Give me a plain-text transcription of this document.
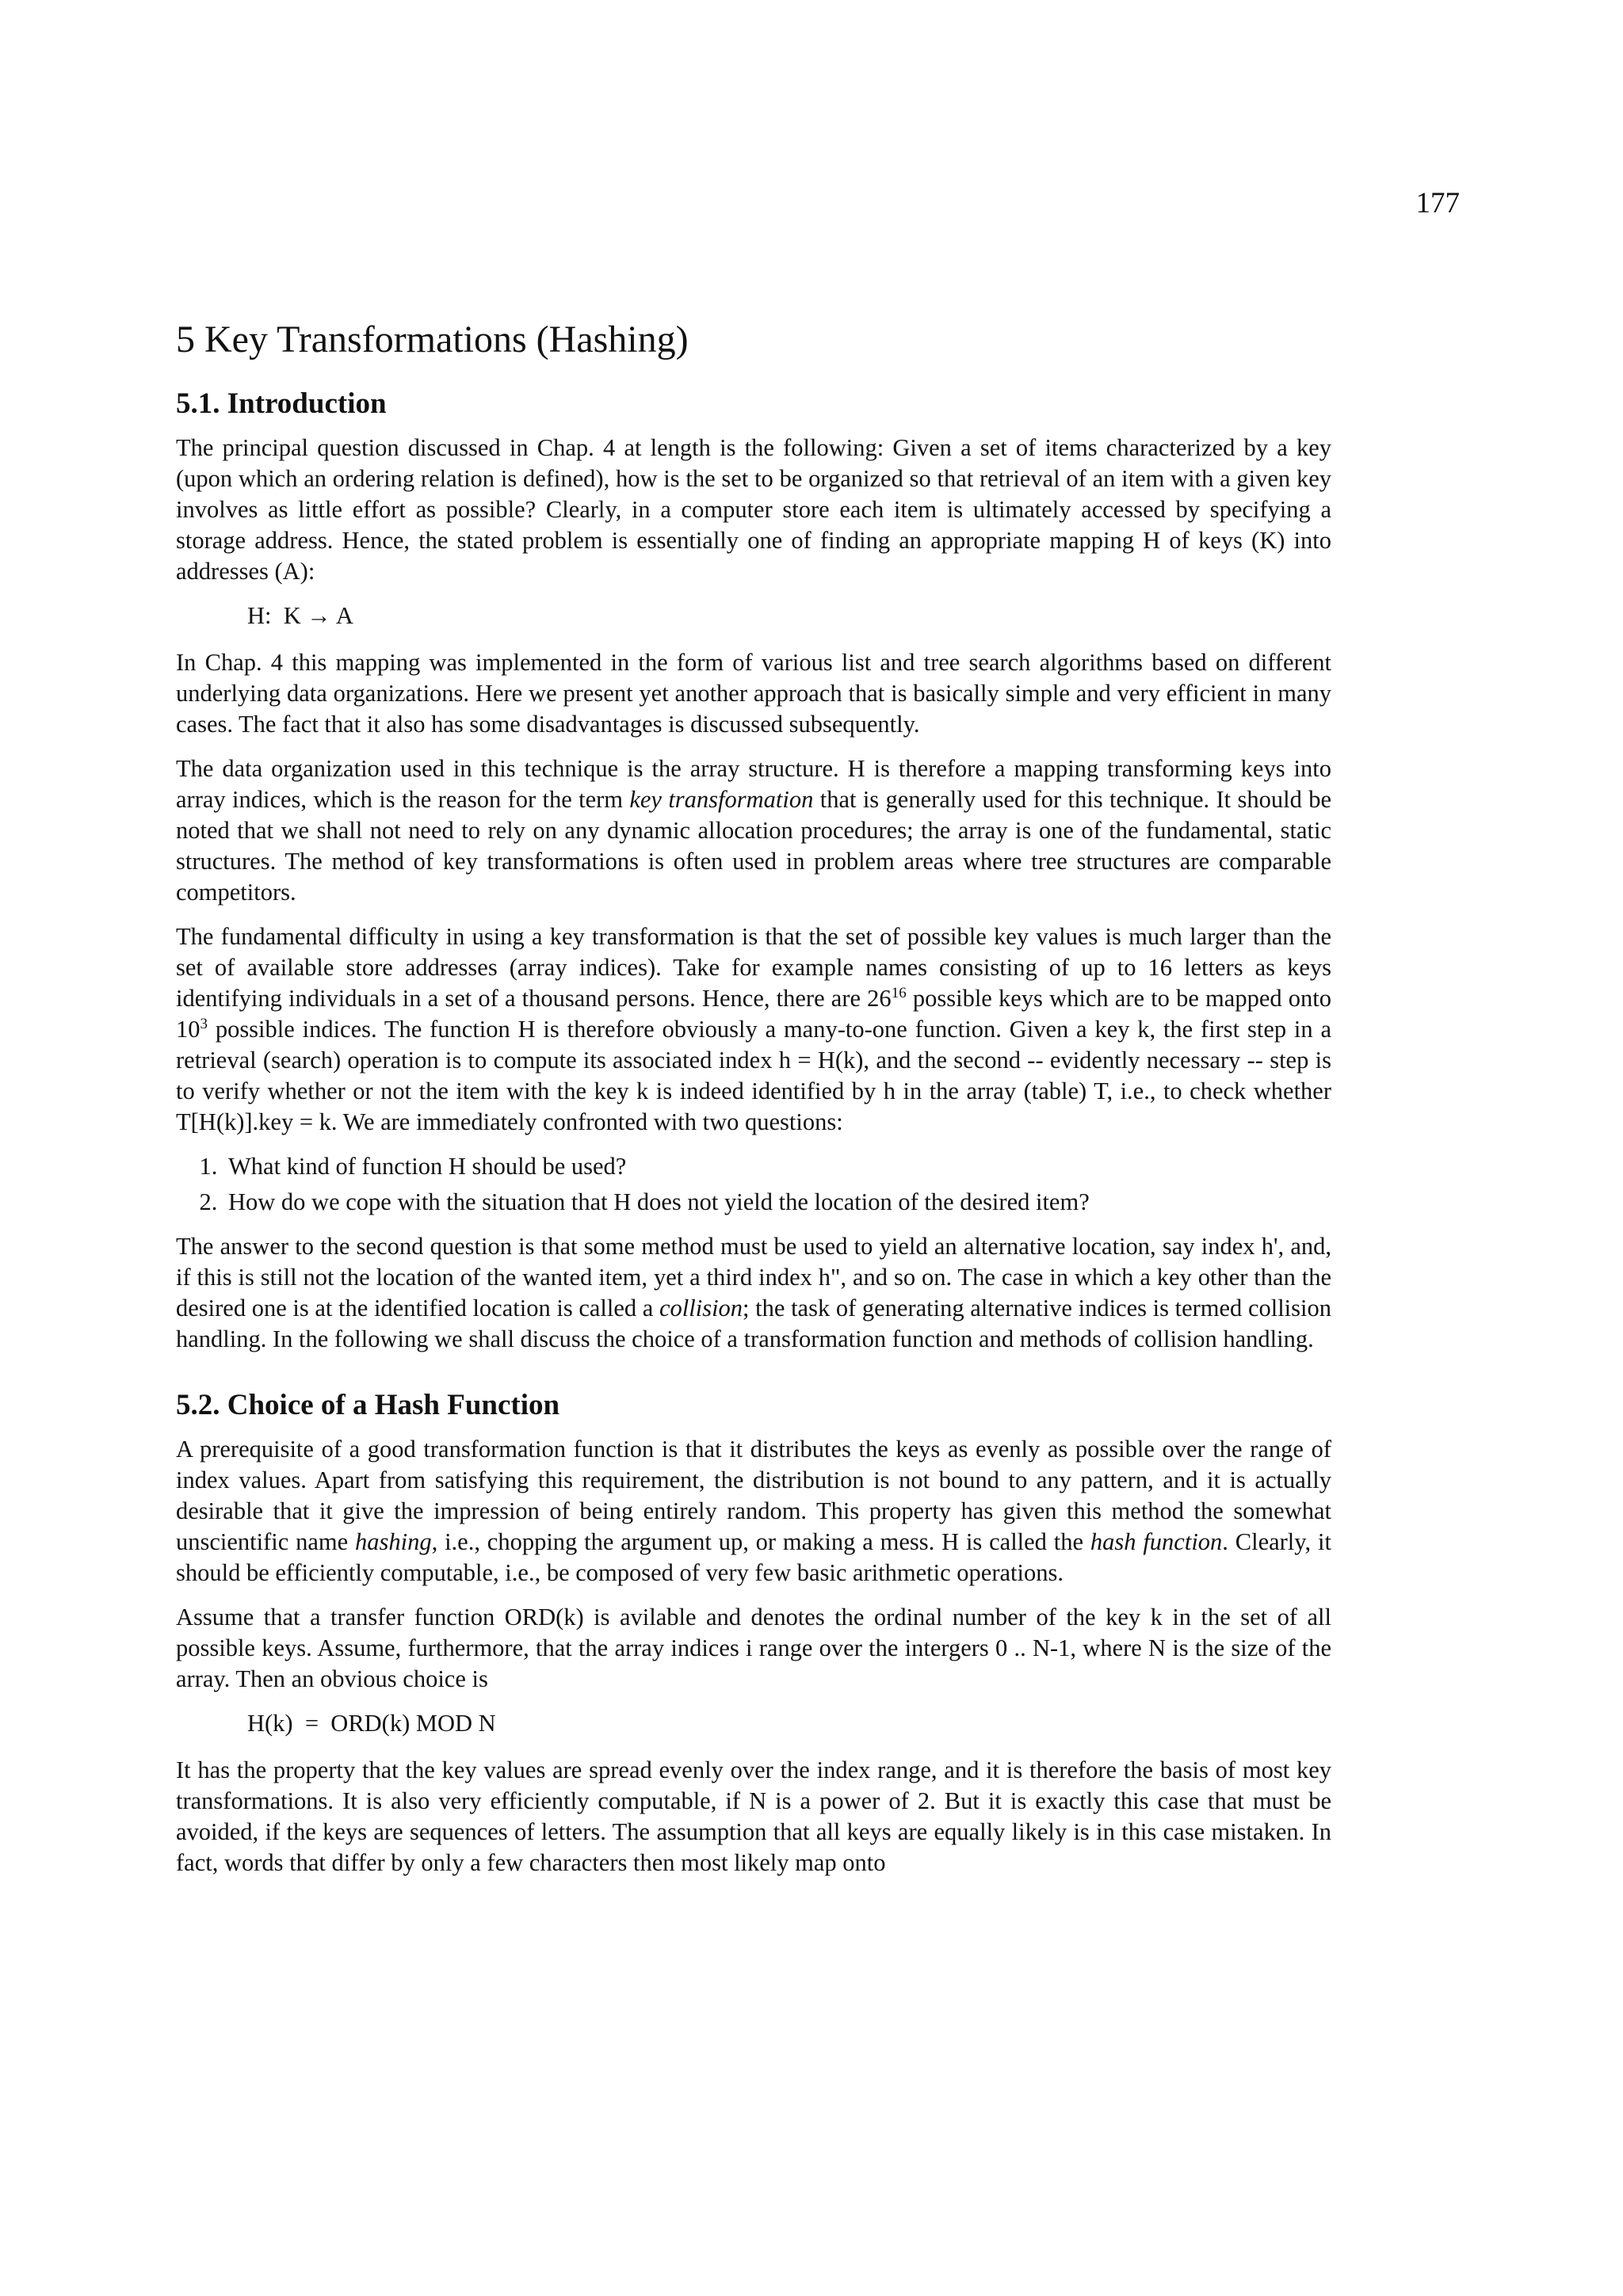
177
5 Key Transformations (Hashing)
5.1. Introduction

The principal question discussed in Chap. 4 at length is the following: Given a set of items characterized by a key (upon which an ordering relation is defined), how is the set to be organized so that retrieval of an item with a given key involves as little effort as possible? Clearly, in a computer store each item is ultimately accessed by specifying a storage address. Hence, the stated problem is essentially one of finding an appropriate mapping H of keys (K) into addresses (A):

H:  K → A

In Chap. 4 this mapping was implemented in the form of various list and tree search algorithms based on different underlying data organizations. Here we present yet another approach that is basically simple and very efficient in many cases. The fact that it also has some disadvantages is discussed subsequently.

The data organization used in this technique is the array structure. H is therefore a mapping transforming keys into array indices, which is the reason for the term key transformation that is generally used for this technique. It should be noted that we shall not need to rely on any dynamic allocation procedures; the array is one of the fundamental, static structures. The method of key transformations is often used in problem areas where tree structures are comparable competitors.

The fundamental difficulty in using a key transformation is that the set of possible key values is much larger than the set of available store addresses (array indices). Take for example names consisting of up to 16 letters as keys identifying individuals in a set of a thousand persons. Hence, there are $26^{16}$ possible keys which are to be mapped onto $10^3$ possible indices. The function H is therefore obviously a many-to-one function. Given a key k, the first step in a retrieval (search) operation is to compute its associated index h = H(k), and the second -- evidently necessary -- step is to verify whether or not the item with the key k is indeed identified by h in the array (table) T, i.e., to check whether T[H(k)].key = k. We are immediately confronted with two questions:

1. What kind of function H should be used?
2. How do we cope with the situation that H does not yield the location of the desired item?

The answer to the second question is that some method must be used to yield an alternative location, say index h', and, if this is still not the location of the wanted item, yet a third index h", and so on. The case in which a key other than the desired one is at the identified location is called a collision; the task of generating alternative indices is termed collision handling. In the following we shall discuss the choice of a transformation function and methods of collision handling.

5.2. Choice of a Hash Function

A prerequisite of a good transformation function is that it distributes the keys as evenly as possible over the range of index values. Apart from satisfying this requirement, the distribution is not bound to any pattern, and it is actually desirable that it give the impression of being entirely random. This property has given this method the somewhat unscientific name hashing, i.e., chopping the argument up, or making a mess. H is called the hash function. Clearly, it should be efficiently computable, i.e., be composed of very few basic arithmetic operations.

Assume that a transfer function ORD(k) is avilable and denotes the ordinal number of the key k in the set of all possible keys. Assume, furthermore, that the array indices i range over the intergers 0 .. N-1, where N is the size of the array. Then an obvious choice is

H(k)  =  ORD(k) MOD N

It has the property that the key values are spread evenly over the index range, and it is therefore the basis of most key transformations. It is also very efficiently computable, if N is a power of 2. But it is exactly this case that must be avoided, if the keys are sequences of letters. The assumption that all keys are equally likely is in this case mistaken. In fact, words that differ by only a few characters then most likely map onto
